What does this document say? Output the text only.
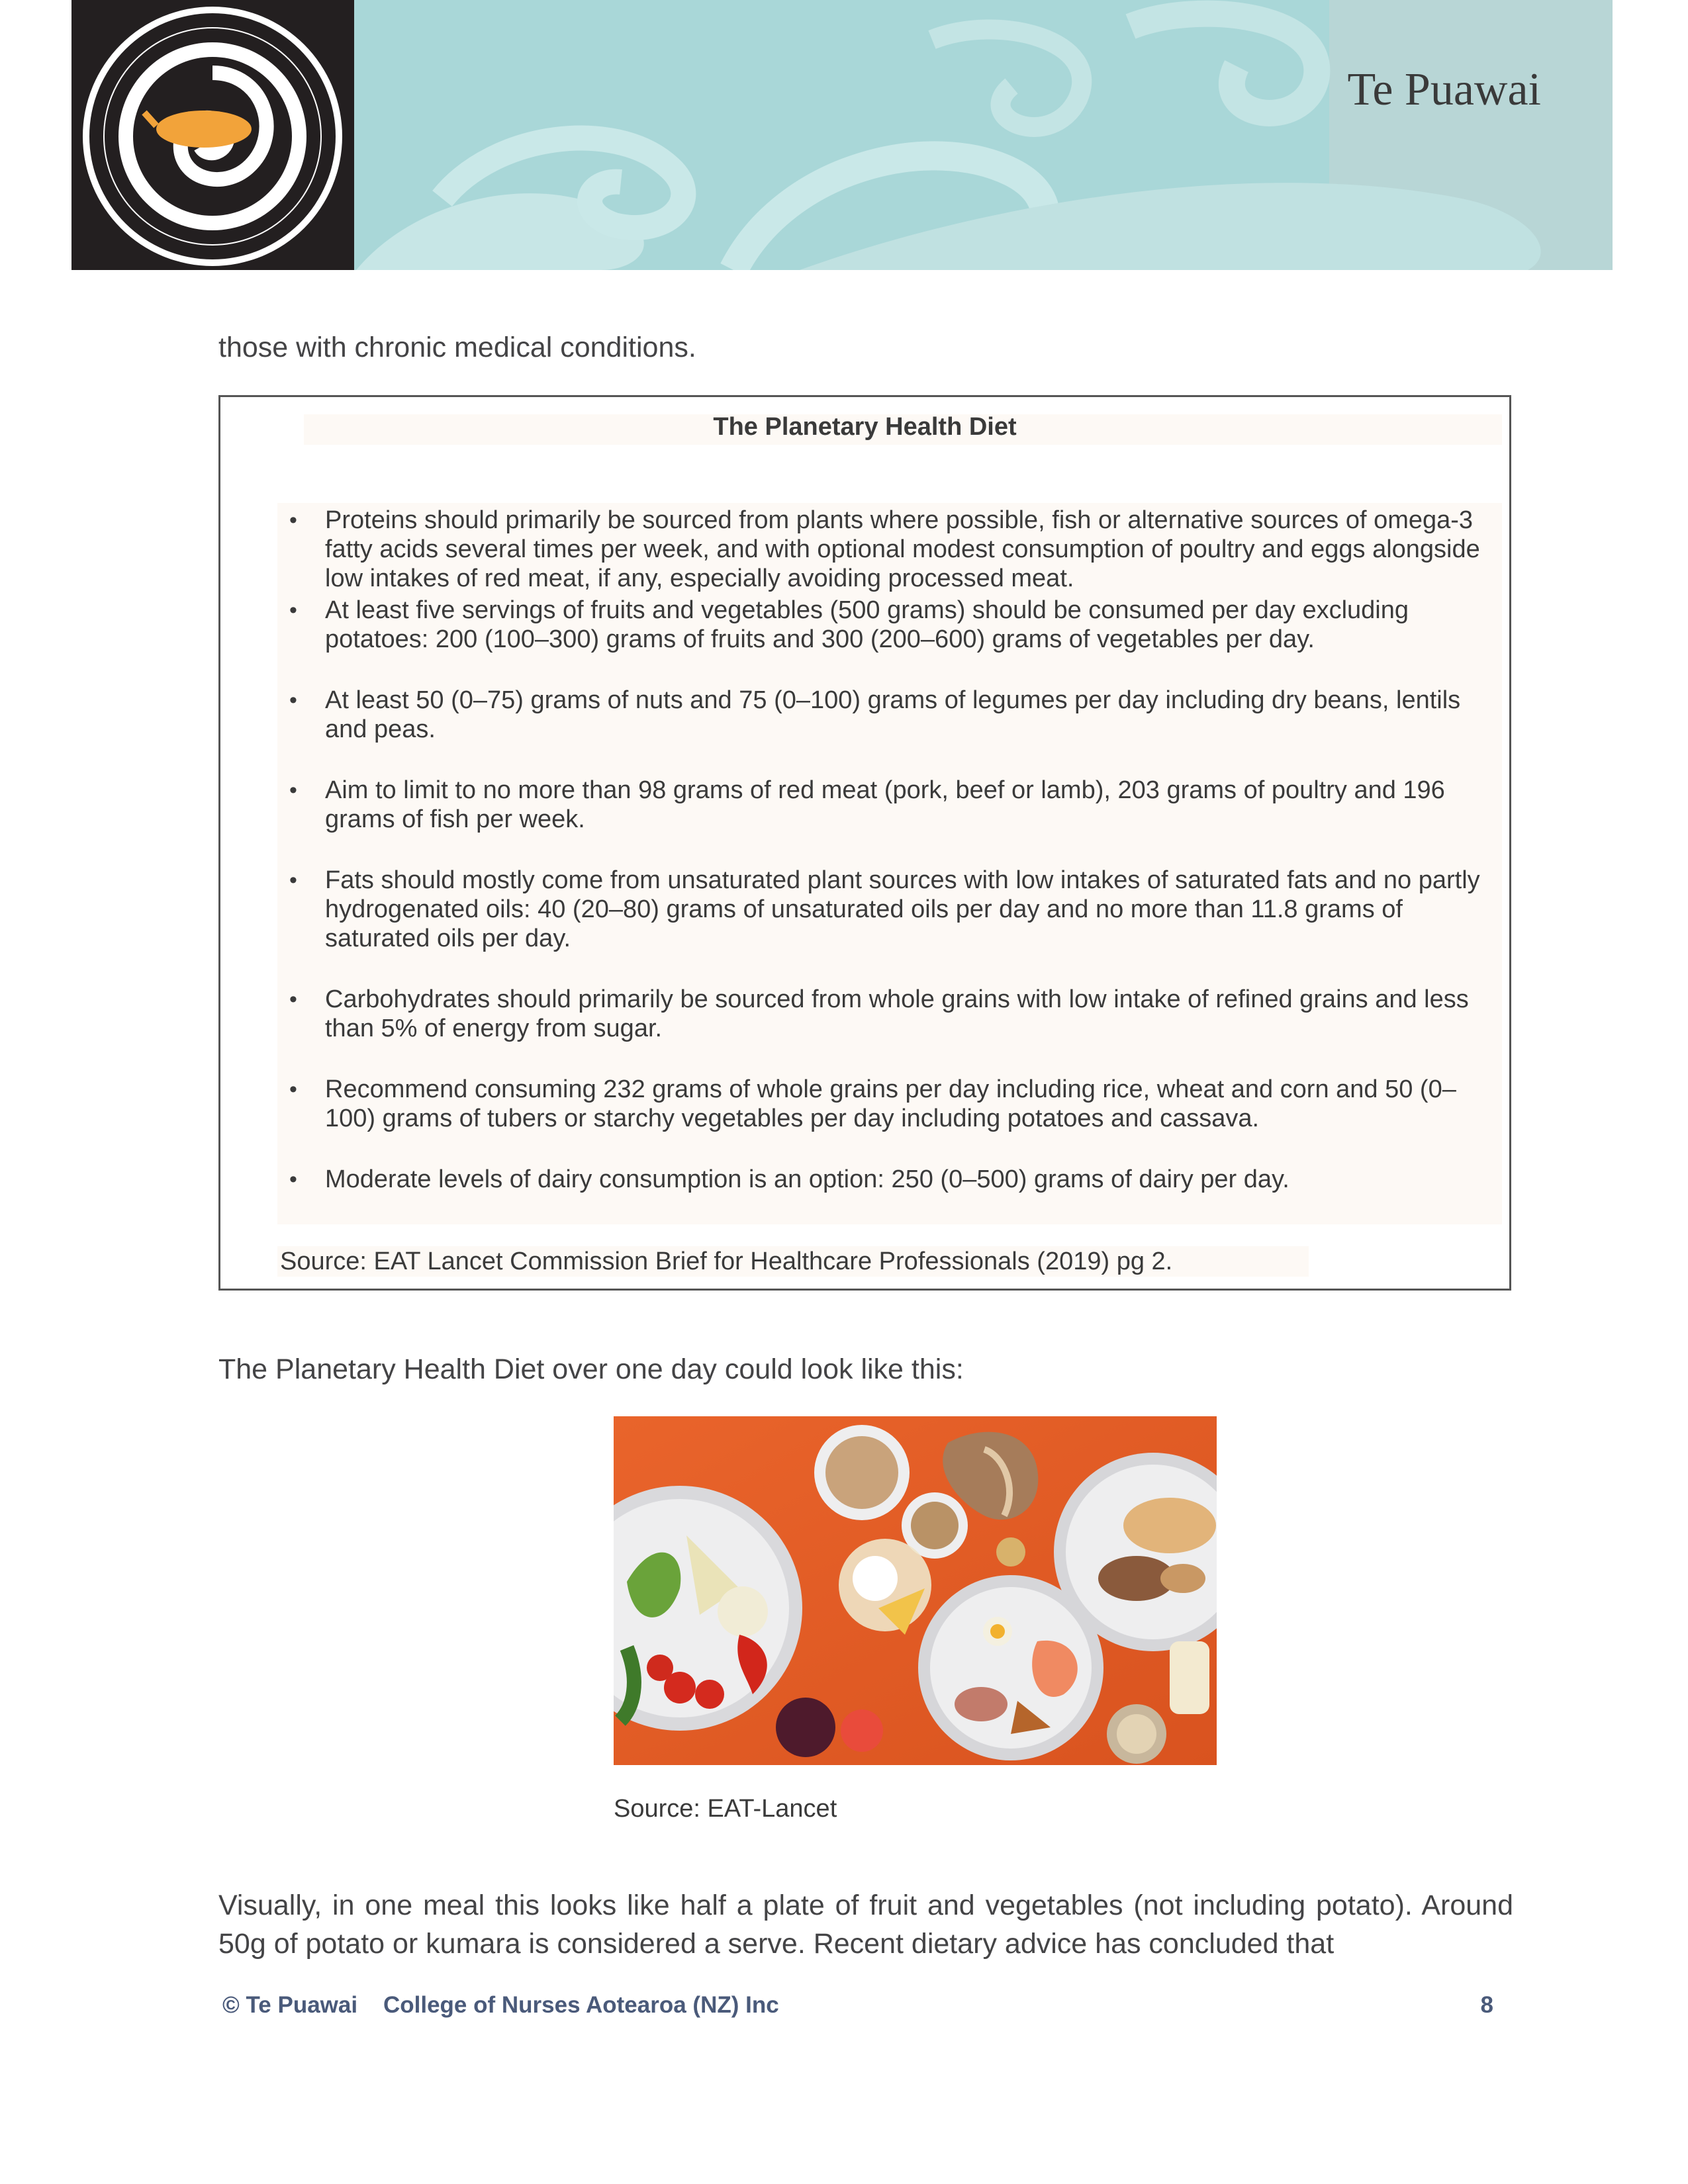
Te Puawai
those with chronic medical conditions.
The Planetary Health Diet
•	Proteins should primarily be sourced from plants where possible, fish or alternative sources of omega-3 fatty acids several times per week, and with optional modest consumption of poultry and eggs alongside low intakes of red meat, if any, especially avoiding processed meat.
•	At least five servings of fruits and vegetables (500 grams) should be consumed per day excluding potatoes: 200 (100–300) grams of fruits and 300 (200–600) grams of vegetables per day.
•	At least 50 (0–75) grams of nuts and 75 (0–100) grams of legumes per day including dry beans, lentils and peas.
•	Aim to limit to no more than 98 grams of red meat (pork, beef or lamb), 203 grams of poultry and 196 grams of fish per week.
•	Fats should mostly come from unsaturated plant sources with low intakes of saturated fats and no partly hydrogenated oils: 40 (20–80) grams of unsaturated oils per day and no more than 11.8 grams of saturated oils per day.
•	Carbohydrates should primarily be sourced from whole grains with low intake of refined grains and less than 5% of energy from sugar.
•	Recommend consuming 232 grams of whole grains per day including rice, wheat and corn and 50 (0–100) grams of tubers or starchy vegetables per day including potatoes and cassava.
•	Moderate levels of dairy consumption is an option: 250 (0–500) grams of dairy per day.
Source: EAT Lancet Commission Brief for Healthcare Professionals (2019) pg 2.
The Planetary Health Diet over one day could look like this:
Source: EAT-Lancet
Visually, in one meal this looks like half a plate of fruit and vegetables (not including potato). Around 50g of potato or kumara is considered a serve. Recent dietary advice has concluded that
© Te Puawai    College of Nurses Aotearoa (NZ) Inc	8
